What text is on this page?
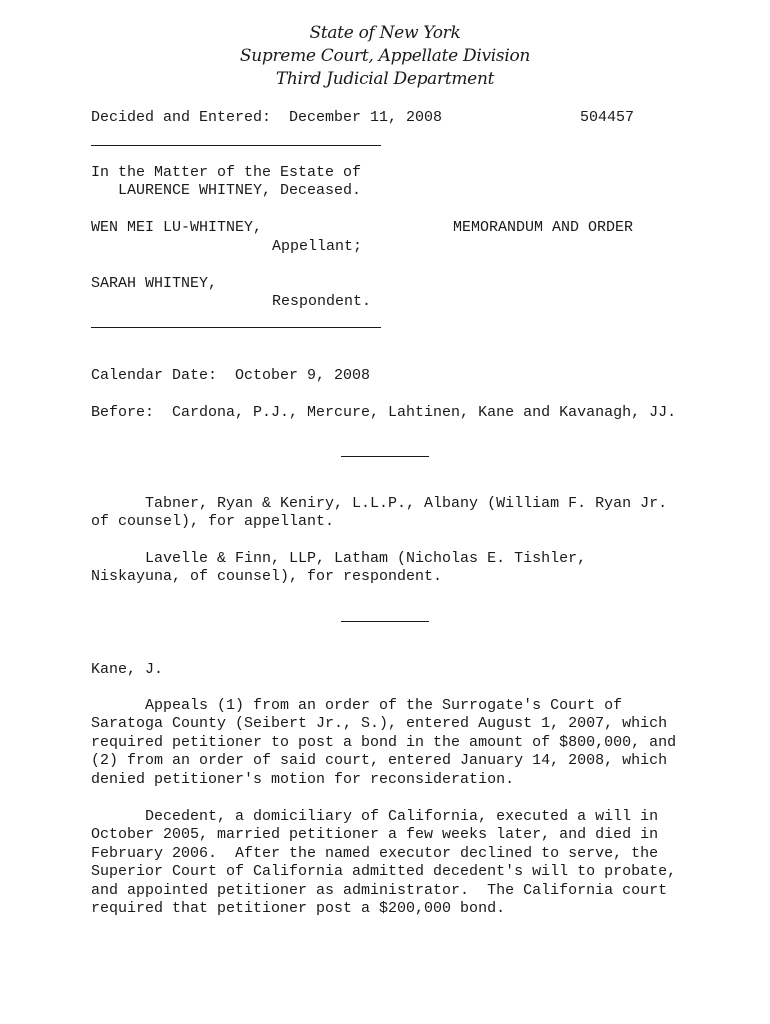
State of New York
Supreme Court, Appellate Division
Third Judicial Department
Decided and Entered:  December 11, 2008	504457
In the Matter of the Estate of
LAURENCE WHITNEY, Deceased.
WEN MEI LU-WHITNEY,	MEMORANDUM AND ORDER
Appellant;
SARAH WHITNEY,
Respondent.
Calendar Date:  October 9, 2008
Before:  Cardona, P.J., Mercure, Lahtinen, Kane and Kavanagh, JJ.
Tabner, Ryan & Keniry, L.L.P., Albany (William F. Ryan Jr.
of counsel), for appellant.
Lavelle & Finn, LLP, Latham (Nicholas E. Tishler,
Niskayuna, of counsel), for respondent.
Kane, J.
Appeals (1) from an order of the Surrogate's Court of
Saratoga County (Seibert Jr., S.), entered August 1, 2007, which
required petitioner to post a bond in the amount of $800,000, and
(2) from an order of said court, entered January 14, 2008, which
denied petitioner's motion for reconsideration.
Decedent, a domiciliary of California, executed a will in
October 2005, married petitioner a few weeks later, and died in
February 2006.  After the named executor declined to serve, the
Superior Court of California admitted decedent's will to probate,
and appointed petitioner as administrator.  The California court
required that petitioner post a $200,000 bond.
